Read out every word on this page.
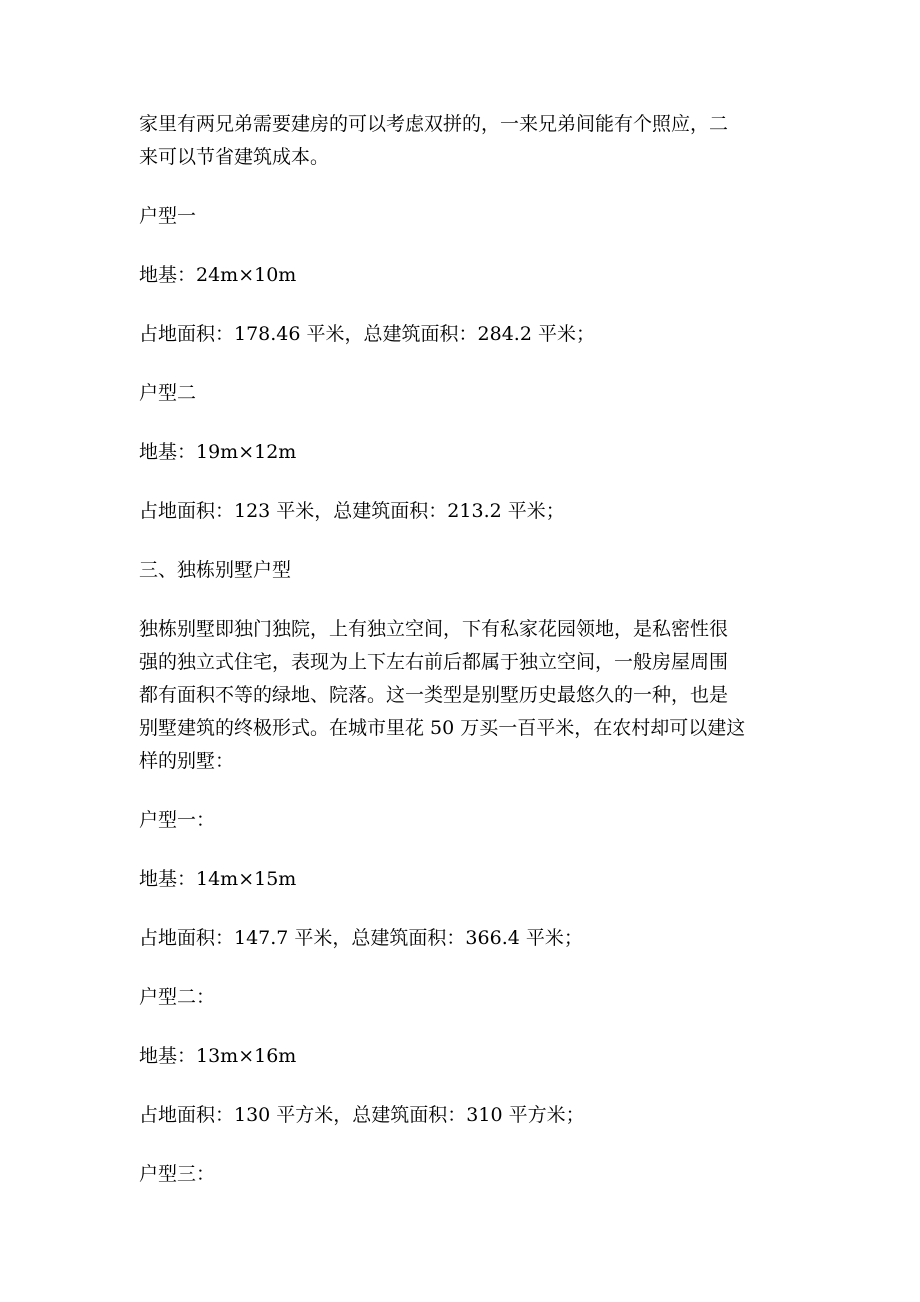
家里有两兄弟需要建房的可以考虑双拼的，一来兄弟间能有个照应，二
来可以节省建筑成本。

户型一

地基：24m×10m

占地面积：178.46 平米，总建筑面积：284.2 平米；

户型二

地基：19m×12m

占地面积：123 平米，总建筑面积：213.2 平米；

三、独栋别墅户型

独栋别墅即独门独院，上有独立空间，下有私家花园领地，是私密性很
强的独立式住宅，表现为上下左右前后都属于独立空间，一般房屋周围
都有面积不等的绿地、院落。这一类型是别墅历史最悠久的一种，也是
别墅建筑的终极形式。在城市里花 50 万买一百平米，在农村却可以建这
样的别墅：

户型一：

地基：14m×15m

占地面积：147.7 平米，总建筑面积：366.4 平米；

户型二：

地基：13m×16m

占地面积：130 平方米，总建筑面积：310 平方米；

户型三：
